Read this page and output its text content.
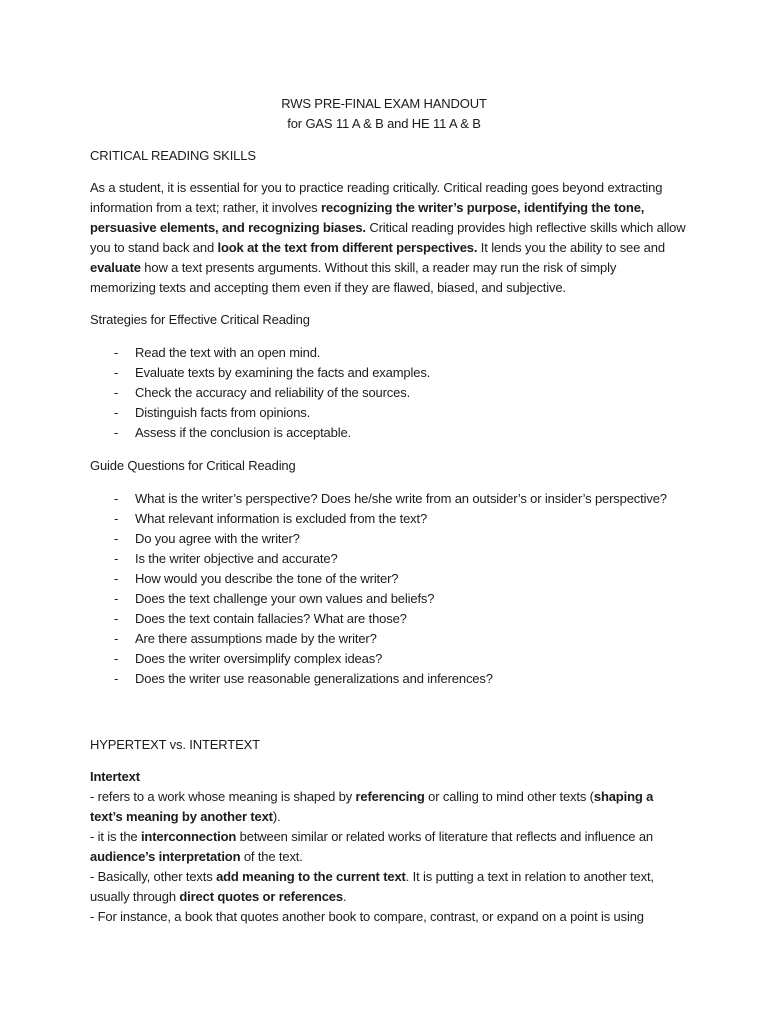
RWS PRE-FINAL EXAM HANDOUT
for GAS 11 A & B and HE 11 A & B
CRITICAL READING SKILLS
As a student, it is essential for you to practice reading critically. Critical reading goes beyond extracting
information from a text; rather, it involves recognizing the writer’s purpose, identifying the tone,
persuasive elements, and recognizing biases. Critical reading provides high reflective skills which allow
you to stand back and look at the text from different perspectives. It lends you the ability to see and
evaluate how a text presents arguments. Without this skill, a reader may run the risk of simply
memorizing texts and accepting them even if they are flawed, biased, and subjective.
Strategies for Effective Critical Reading
-	Read the text with an open mind.
-	Evaluate texts by examining the facts and examples.
-	Check the accuracy and reliability of the sources.
-	Distinguish facts from opinions.
-	Assess if the conclusion is acceptable.
Guide Questions for Critical Reading
-	What is the writer’s perspective? Does he/she write from an outsider’s or insider’s perspective?
-	What relevant information is excluded from the text?
-	Do you agree with the writer?
-	Is the writer objective and accurate?
-	How would you describe the tone of the writer?
-	Does the text challenge your own values and beliefs?
-	Does the text contain fallacies? What are those?
-	Are there assumptions made by the writer?
-	Does the writer oversimplify complex ideas?
-	Does the writer use reasonable generalizations and inferences?
HYPERTEXT vs. INTERTEXT
Intertext
- refers to a work whose meaning is shaped by referencing or calling to mind other texts (shaping a
text’s meaning by another text).
- it is the interconnection between similar or related works of literature that reflects and influence an
audience’s interpretation of the text.
- Basically, other texts add meaning to the current text. It is putting a text in relation to another text,
usually through direct quotes or references.
- For instance, a book that quotes another book to compare, contrast, or expand on a point is using
